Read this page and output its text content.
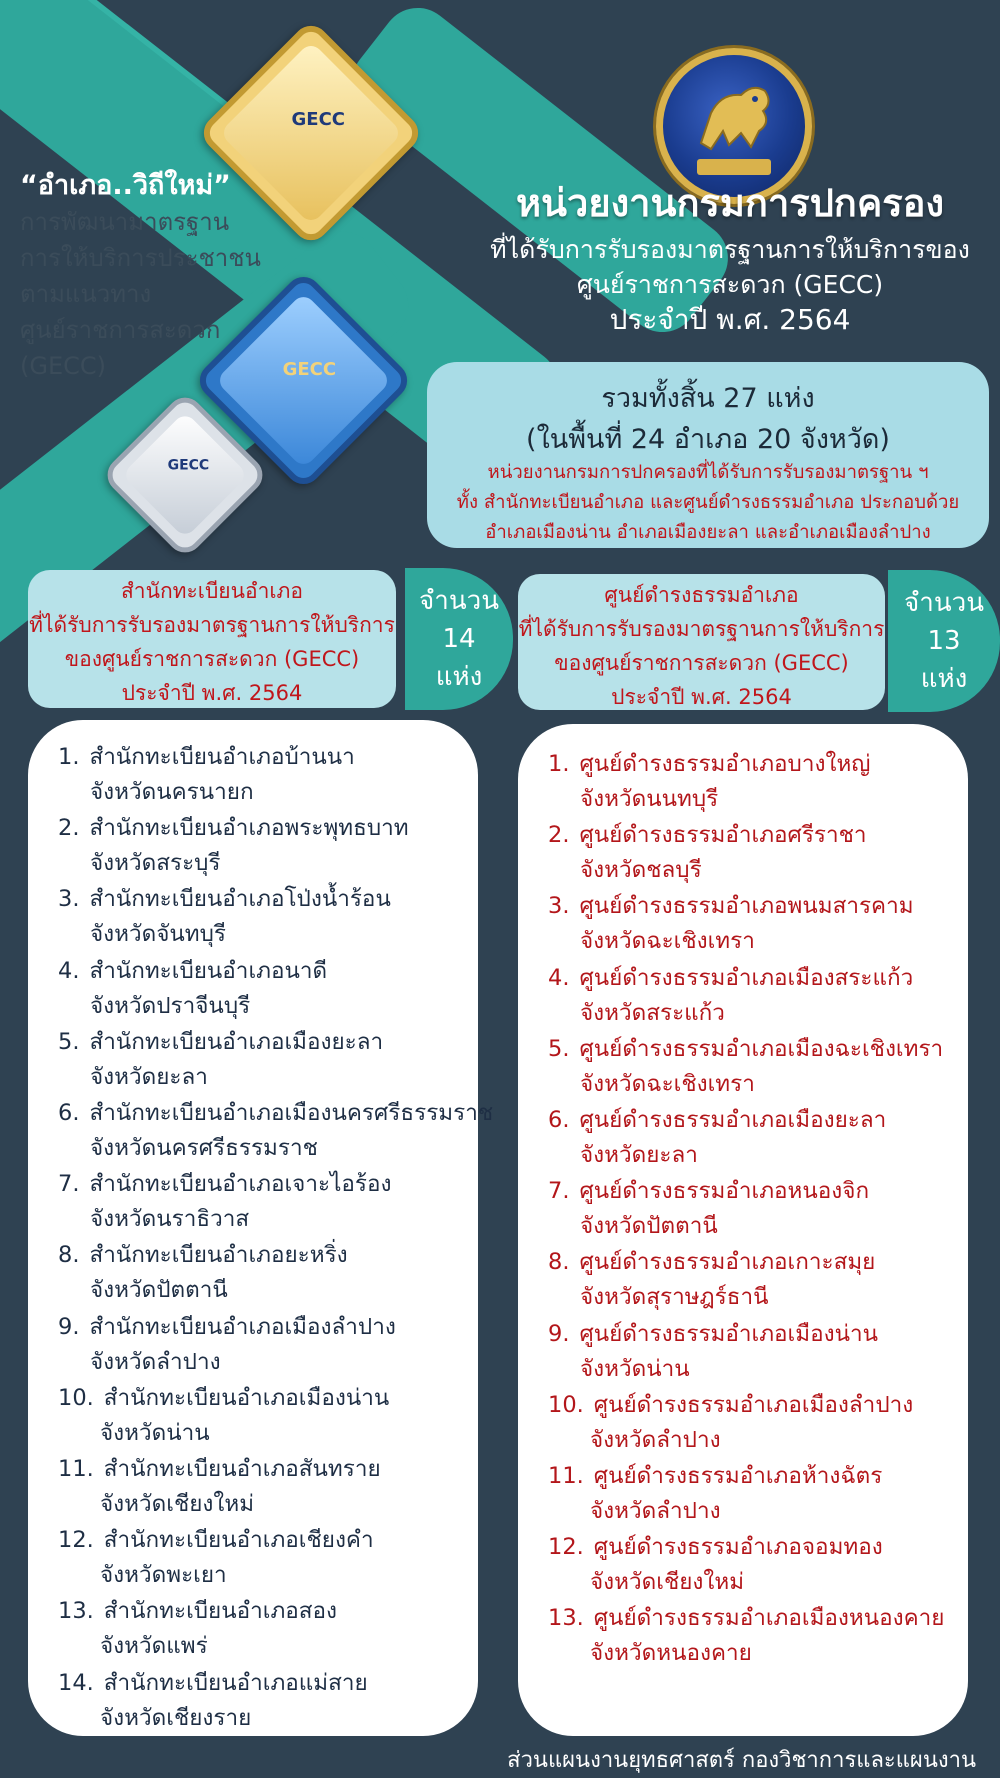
“อำเภอ..วิถีใหม่”
การพัฒนามาตรฐาน
การให้บริการประชาชน
ตามแนวทาง
ศูนย์ราชการสะดวก
(GECC)
GECC
GECC
GECC
หน่วยงานกรมการปกครอง
ที่ได้รับการรับรองมาตรฐานการให้บริการของ
ศูนย์ราชการสะดวก (GECC)
ประจำปี พ.ศ. 2564
รวมทั้งสิ้น 27 แห่ง
(ในพื้นที่ 24 อำเภอ 20 จังหวัด)
หน่วยงานกรมการปกครองที่ได้รับการรับรองมาตรฐาน ฯ
ทั้ง สำนักทะเบียนอำเภอ และศูนย์ดำรงธรรมอำเภอ ประกอบด้วย
อำเภอเมืองน่าน อำเภอเมืองยะลา และอำเภอเมืองลำปาง
สำนักทะเบียนอำเภอ
ที่ได้รับการรับรองมาตรฐานการให้บริการ
ของศูนย์ราชการสะดวก (GECC)
ประจำปี พ.ศ. 2564
จำนวน
14
แห่ง
ศูนย์ดำรงธรรมอำเภอ
ที่ได้รับการรับรองมาตรฐานการให้บริการ
ของศูนย์ราชการสะดวก (GECC)
ประจำปี พ.ศ. 2564
จำนวน
13
แห่ง
1. สำนักทะเบียนอำเภอบ้านนา
จังหวัดนครนายก
2. สำนักทะเบียนอำเภอพระพุทธบาท
จังหวัดสระบุรี
3. สำนักทะเบียนอำเภอโป่งน้ำร้อน
จังหวัดจันทบุรี
4. สำนักทะเบียนอำเภอนาดี
จังหวัดปราจีนบุรี
5. สำนักทะเบียนอำเภอเมืองยะลา
จังหวัดยะลา
6. สำนักทะเบียนอำเภอเมืองนครศรีธรรมราช
จังหวัดนครศรีธรรมราช
7. สำนักทะเบียนอำเภอเจาะไอร้อง
จังหวัดนราธิวาส
8. สำนักทะเบียนอำเภอยะหริ่ง
จังหวัดปัตตานี
9. สำนักทะเบียนอำเภอเมืองลำปาง
จังหวัดลำปาง
10. สำนักทะเบียนอำเภอเมืองน่าน
จังหวัดน่าน
11. สำนักทะเบียนอำเภอสันทราย
จังหวัดเชียงใหม่
12. สำนักทะเบียนอำเภอเชียงคำ
จังหวัดพะเยา
13. สำนักทะเบียนอำเภอสอง
จังหวัดแพร่
14. สำนักทะเบียนอำเภอแม่สาย
จังหวัดเชียงราย
1. ศูนย์ดำรงธรรมอำเภอบางใหญ่
จังหวัดนนทบุรี
2. ศูนย์ดำรงธรรมอำเภอศรีราชา
จังหวัดชลบุรี
3. ศูนย์ดำรงธรรมอำเภอพนมสารคาม
จังหวัดฉะเชิงเทรา
4. ศูนย์ดำรงธรรมอำเภอเมืองสระแก้ว
จังหวัดสระแก้ว
5. ศูนย์ดำรงธรรมอำเภอเมืองฉะเชิงเทรา
จังหวัดฉะเชิงเทรา
6. ศูนย์ดำรงธรรมอำเภอเมืองยะลา
จังหวัดยะลา
7. ศูนย์ดำรงธรรมอำเภอหนองจิก
จังหวัดปัตตานี
8. ศูนย์ดำรงธรรมอำเภอเกาะสมุย
จังหวัดสุราษฎร์ธานี
9. ศูนย์ดำรงธรรมอำเภอเมืองน่าน
จังหวัดน่าน
10. ศูนย์ดำรงธรรมอำเภอเมืองลำปาง
จังหวัดลำปาง
11. ศูนย์ดำรงธรรมอำเภอห้างฉัตร
จังหวัดลำปาง
12. ศูนย์ดำรงธรรมอำเภอจอมทอง
จังหวัดเชียงใหม่
13. ศูนย์ดำรงธรรมอำเภอเมืองหนองคาย
จังหวัดหนองคาย
ส่วนแผนงานยุทธศาสตร์ กองวิชาการและแผนงาน
